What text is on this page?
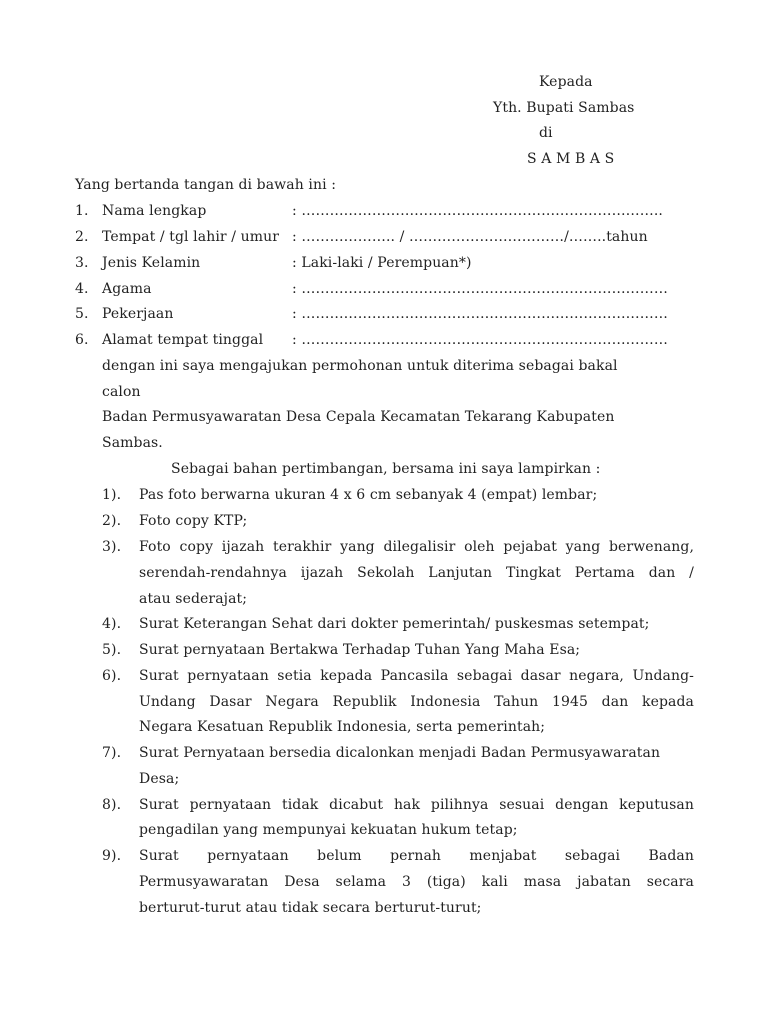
Kepada
Yth. Bupati Sambas
di
S A M B A S
Yang bertanda tangan di bawah ini :
1. Nama lengkap	: …………………………………………………………………..
2. Tempat / tgl lahir / umur : ……………….. / ……………………………/……..tahun
3. Jenis Kelamin	: Laki-laki / Perempuan*)
4. Agama	: ……………………………………………………………………
5. Pekerjaan	: ……………………………………………………………………
6. Alamat tempat tinggal : ……………………………………………………………………
dengan ini saya mengajukan permohonan untuk diterima sebagai bakal
calon
Badan Permusyawaratan Desa Cepala Kecamatan Tekarang Kabupaten
Sambas.
Sebagai bahan pertimbangan, bersama ini saya lampirkan :
1). Pas foto berwarna ukuran 4 x 6 cm sebanyak 4 (empat) lembar;
2). Foto copy KTP;
3). Foto copy ijazah terakhir yang dilegalisir oleh pejabat yang berwenang,
serendah-rendahnya ijazah Sekolah Lanjutan Tingkat Pertama dan /
atau sederajat;
4). Surat Keterangan Sehat dari dokter pemerintah/ puskesmas setempat;
5). Surat pernyataan Bertakwa Terhadap Tuhan Yang Maha Esa;
6). Surat pernyataan setia kepada Pancasila sebagai dasar negara, Undang-
Undang Dasar Negara Republik Indonesia Tahun 1945 dan kepada
Negara Kesatuan Republik Indonesia, serta pemerintah;
7). Surat Pernyataan bersedia dicalonkan menjadi Badan Permusyawaratan
Desa;
8). Surat pernyataan tidak dicabut hak pilihnya sesuai dengan keputusan
pengadilan yang mempunyai kekuatan hukum tetap;
9). Surat pernyataan belum pernah menjabat sebagai Badan
Permusyawaratan Desa selama 3 (tiga) kali masa jabatan secara
berturut-turut atau tidak secara berturut-turut;
